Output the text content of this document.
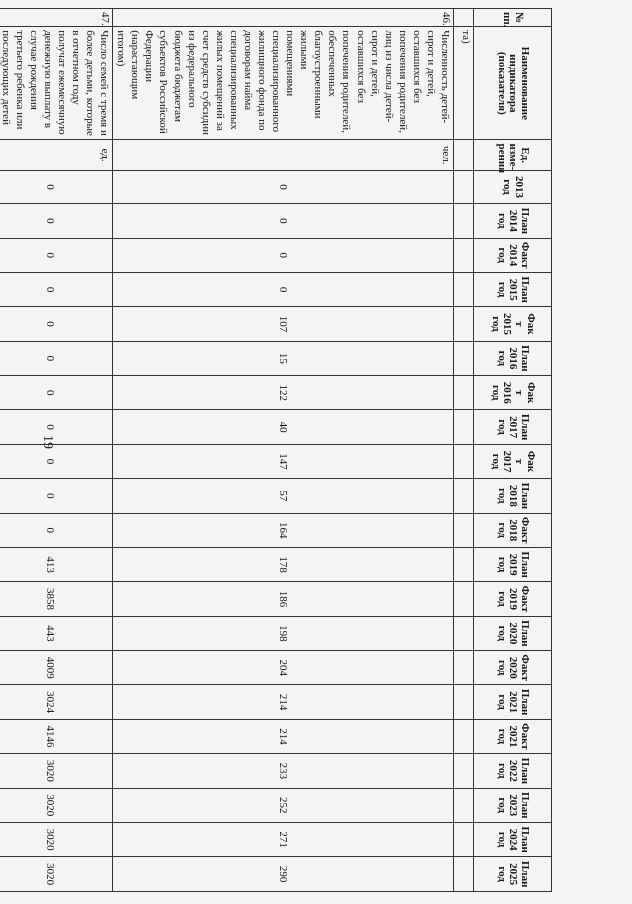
19
№ пп.	Наименование индикатора (показателя)	Ед. изме- рения	2013 год	План 2014 год	Факт 2014 год	План 2015 год	Фак т 2015 год	План 2016 год	Фак т 2016 год	План 2017 год	Фак т 2017 год	План 2018 год	Факт 2018 год	План 2019 год	Факт 2019 год	План 2020 год	Факт 2020 год	План 2021 год	Факт 2021 год	План 2022 год	План 2023 год	План 2024 год	План 2025 год
	та)																						
46.	Численность детей-сирот и детей, оставшихся без попечения родителей, лиц из числа детей-сирот и детей, оставшихся без попечения родителей, обеспеченных благоустроенными жилыми помещениями специализированного жилищного фонда по договорам найма специализированных жилых помещений за счет средств субсидии из федерального бюджета бюджетам субъектов Российской Федерации (нарастающим итогом)	чел.	0	0	0	0	107	15	122	40	147	57	164	178	186	198	204	214	214	233	252	271	290
47.	Число семей с тремя и более детьми, которые в отчетном году получат ежемесячную денежную выплату в случае рождения третьего ребенка или последующих детей	ед.	0	0	0	0	0	0	0	0	0	0	0	413	3858	443	4009	3024	4146	3020	3020	3020	3020
